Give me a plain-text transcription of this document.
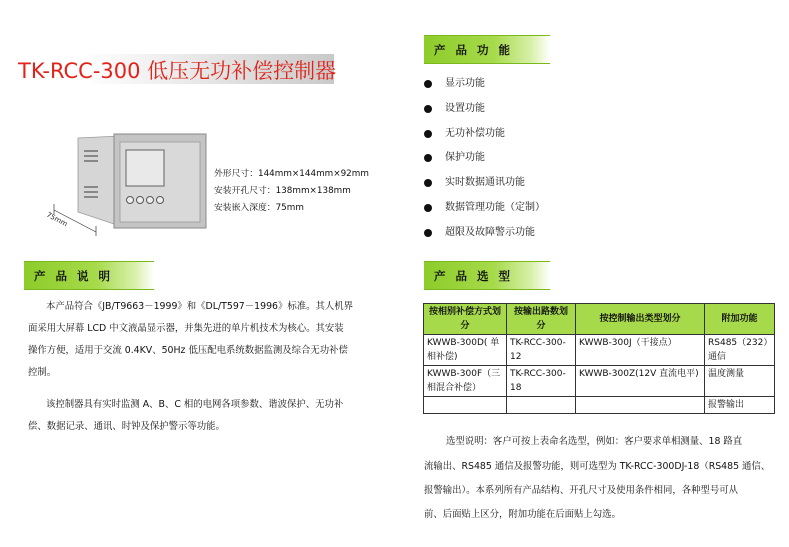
TK-RCC-300 低压无功补偿控制器
75mm
外形尺寸：144mm×144mm×92mm
安装开孔尺寸：138mm×138mm
安装嵌入深度：75mm
产 品 说 明
本产品符合《JB/T9663－1999》和《DL/T597－1996》标准。其人机界
面采用大屏幕 LCD 中文液晶显示器，并集先进的单片机技术为核心。其安装
操作方便，适用于交流 0.4KV、50Hz 低压配电系统数据监测及综合无功补偿
控制。
该控制器具有实时监测 A、B、C 相的电网各项参数、谐波保护、无功补
偿、数据记录、通讯、时钟及保护警示等功能。
产 品 功 能
显示功能
设置功能
无功补偿功能
保护功能
实时数据通讯功能
数据管理功能（定制）
超限及故障警示功能
产 品 选 型
按相别补偿方式划分	按输出路数划分	按控制输出类型划分	附加功能
KWWB-300D( 单相补偿)	TK-RCC-300-12	KWWB-300J（干接点）	RS485（232）通信
KWWB-300F（三相混合补偿）	TK-RCC-300-18	KWWB-300Z(12V 直流电平)	温度测量
			报警输出
选型说明：客户可按上表命名选型，例如：客户要求单相测量、18 路直
流输出、RS485 通信及报警功能，则可选型为 TK-RCC-300DJ-18（RS485 通信、
报警输出）。本系列所有产品结构、开孔尺寸及使用条件相同，各种型号可从
前、后面贴上区分，附加功能在后面贴上勾选。
